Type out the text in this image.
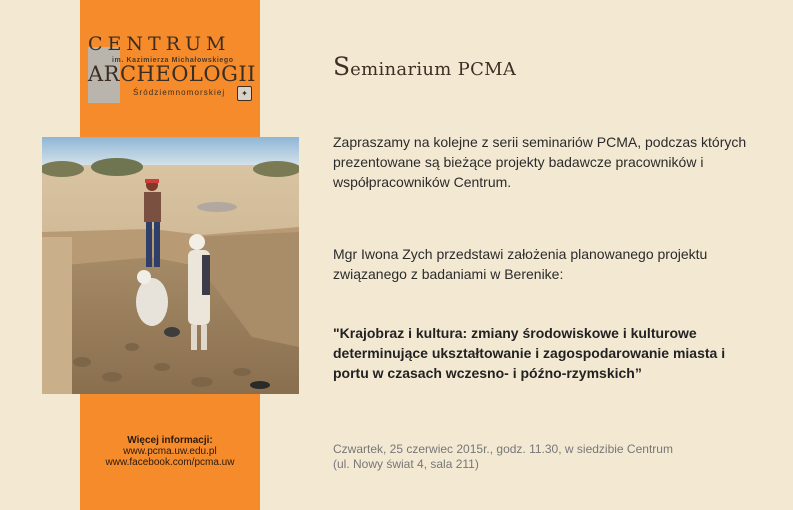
CENTRUM
im. Kazimierza Michałowskiego
ARCHEOLOGII
Śródziemnomorskiej	✦
Więcej informacji:
www.pcma.uw.edu.pl
www.facebook.com/pcma.uw
Seminarium PCMA
Zapraszamy na kolejne z serii seminariów PCMA, podczas których prezentowane są bieżące projekty badawcze pracowników i współpracowników Centrum.
Mgr Iwona Zych przedstawi założenia planowanego projektu związanego z badaniami w Berenike:
"Krajobraz i kultura: zmiany środowiskowe i kulturowe determinujące ukształtowanie i zagospodarowanie miasta i portu w czasach wczesno- i późno-rzymskich”
Czwartek, 25 czerwiec 2015r., godz. 11.30, w siedzibie Centrum
(ul. Nowy świat 4, sala 211)
